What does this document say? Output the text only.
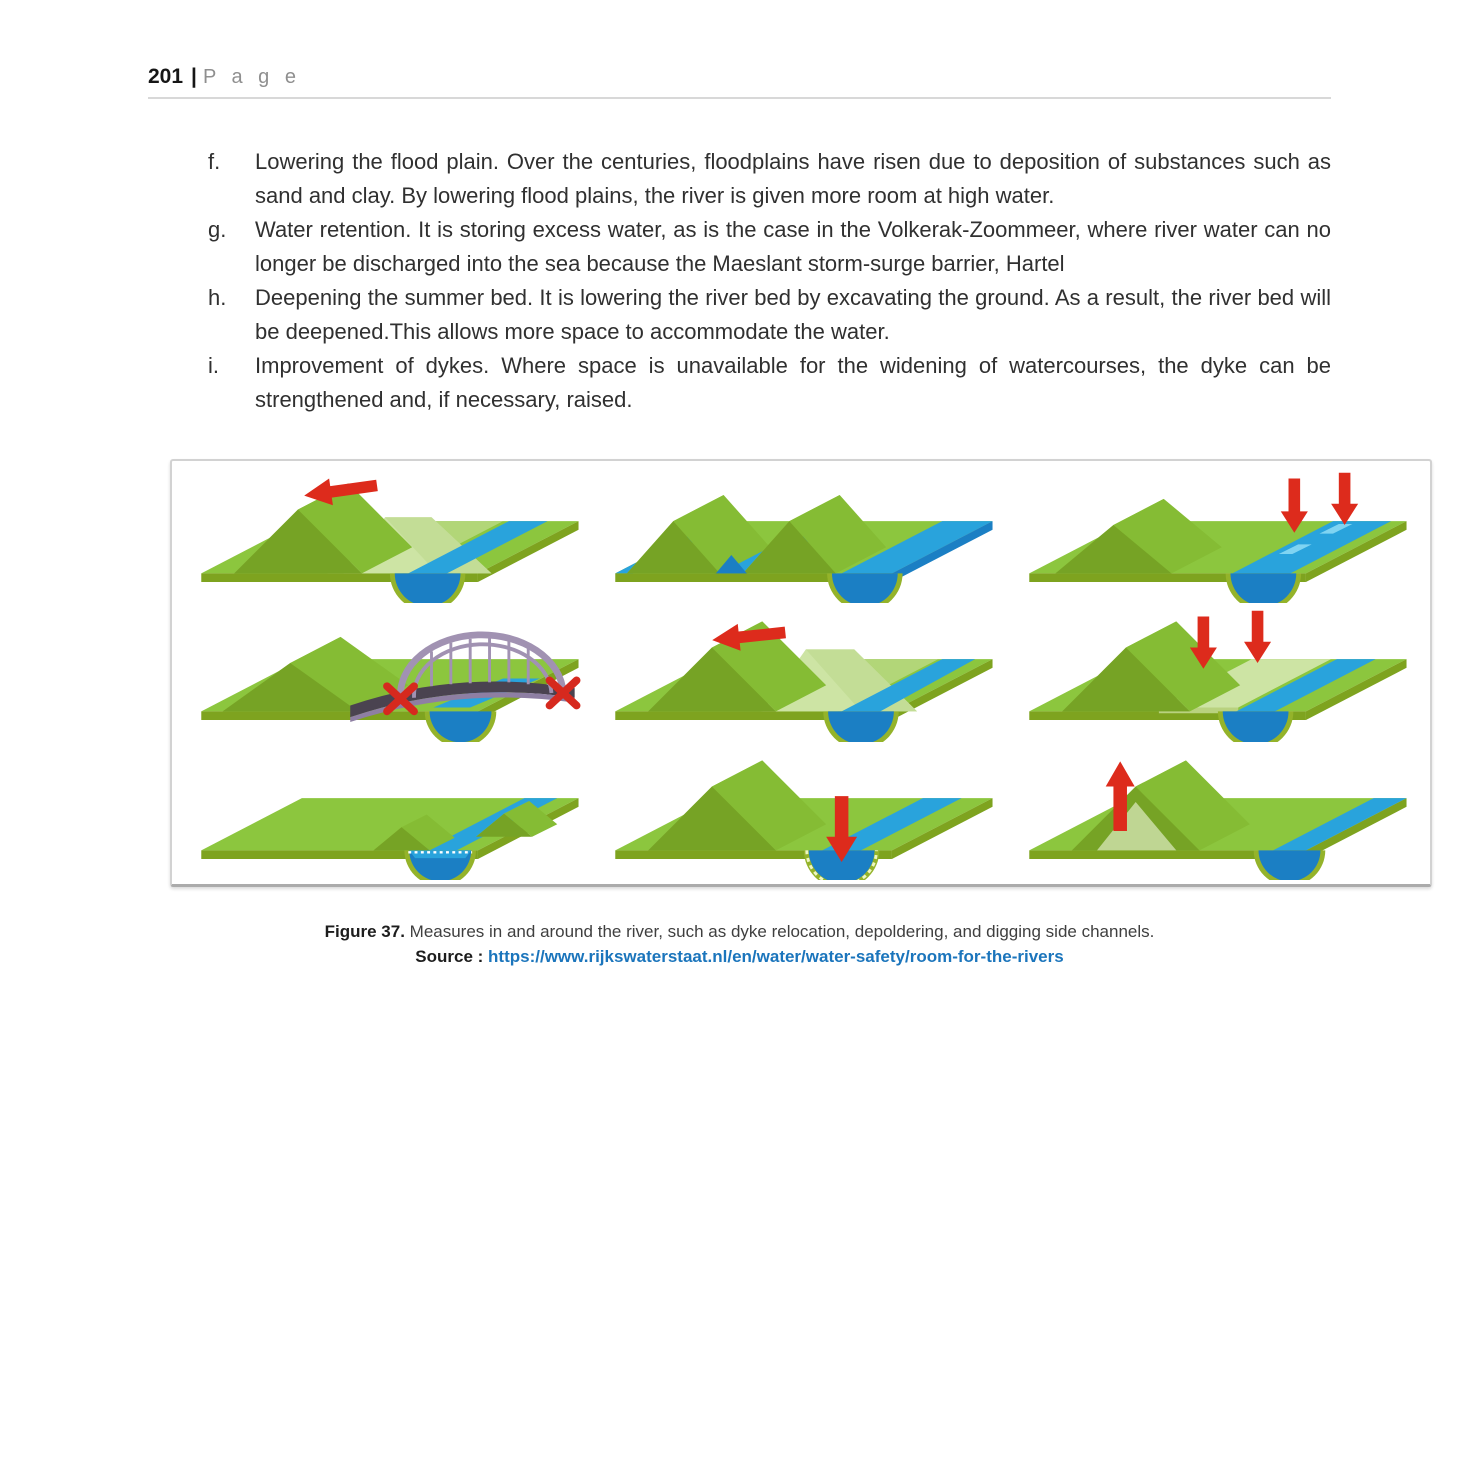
201 | P a g e
f.	Lowering the flood plain. Over the centuries, floodplains have risen due to deposition of substances such as sand and clay. By lowering flood plains, the river is given more room at high water.
g.	Water retention. It is storing excess water, as is the case in the Volkerak-Zoommeer, where river water can no longer be discharged into the sea because the Maeslant storm-surge barrier, Hartel
h.	Deepening the summer bed. It is lowering the river bed by excavating the ground. As a result, the river bed will be deepened.This allows more space to accommodate the water.
i.	Improvement of dykes. Where space is unavailable for the widening of watercourses, the dyke can be strengthened and, if necessary, raised.
Figure 37. Measures in and around the river, such as dyke relocation, depoldering, and digging side channels.
Source : https://www.rijkswaterstaat.nl/en/water/water-safety/room-for-the-rivers
